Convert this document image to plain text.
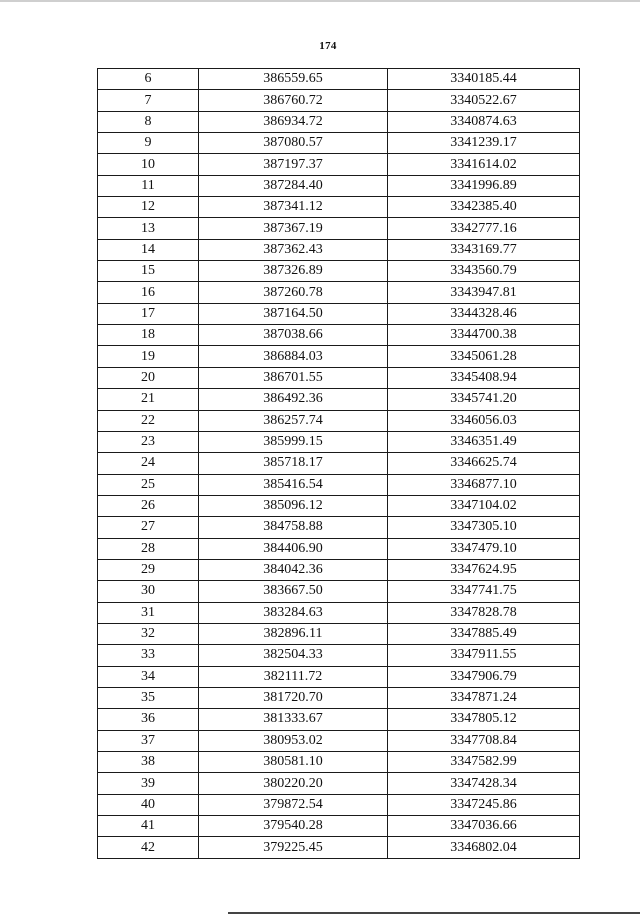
174
6	386559.65	3340185.44
7	386760.72	3340522.67
8	386934.72	3340874.63
9	387080.57	3341239.17
10	387197.37	3341614.02
11	387284.40	3341996.89
12	387341.12	3342385.40
13	387367.19	3342777.16
14	387362.43	3343169.77
15	387326.89	3343560.79
16	387260.78	3343947.81
17	387164.50	3344328.46
18	387038.66	3344700.38
19	386884.03	3345061.28
20	386701.55	3345408.94
21	386492.36	3345741.20
22	386257.74	3346056.03
23	385999.15	3346351.49
24	385718.17	3346625.74
25	385416.54	3346877.10
26	385096.12	3347104.02
27	384758.88	3347305.10
28	384406.90	3347479.10
29	384042.36	3347624.95
30	383667.50	3347741.75
31	383284.63	3347828.78
32	382896.11	3347885.49
33	382504.33	3347911.55
34	382111.72	3347906.79
35	381720.70	3347871.24
36	381333.67	3347805.12
37	380953.02	3347708.84
38	380581.10	3347582.99
39	380220.20	3347428.34
40	379872.54	3347245.86
41	379540.28	3347036.66
42	379225.45	3346802.04
